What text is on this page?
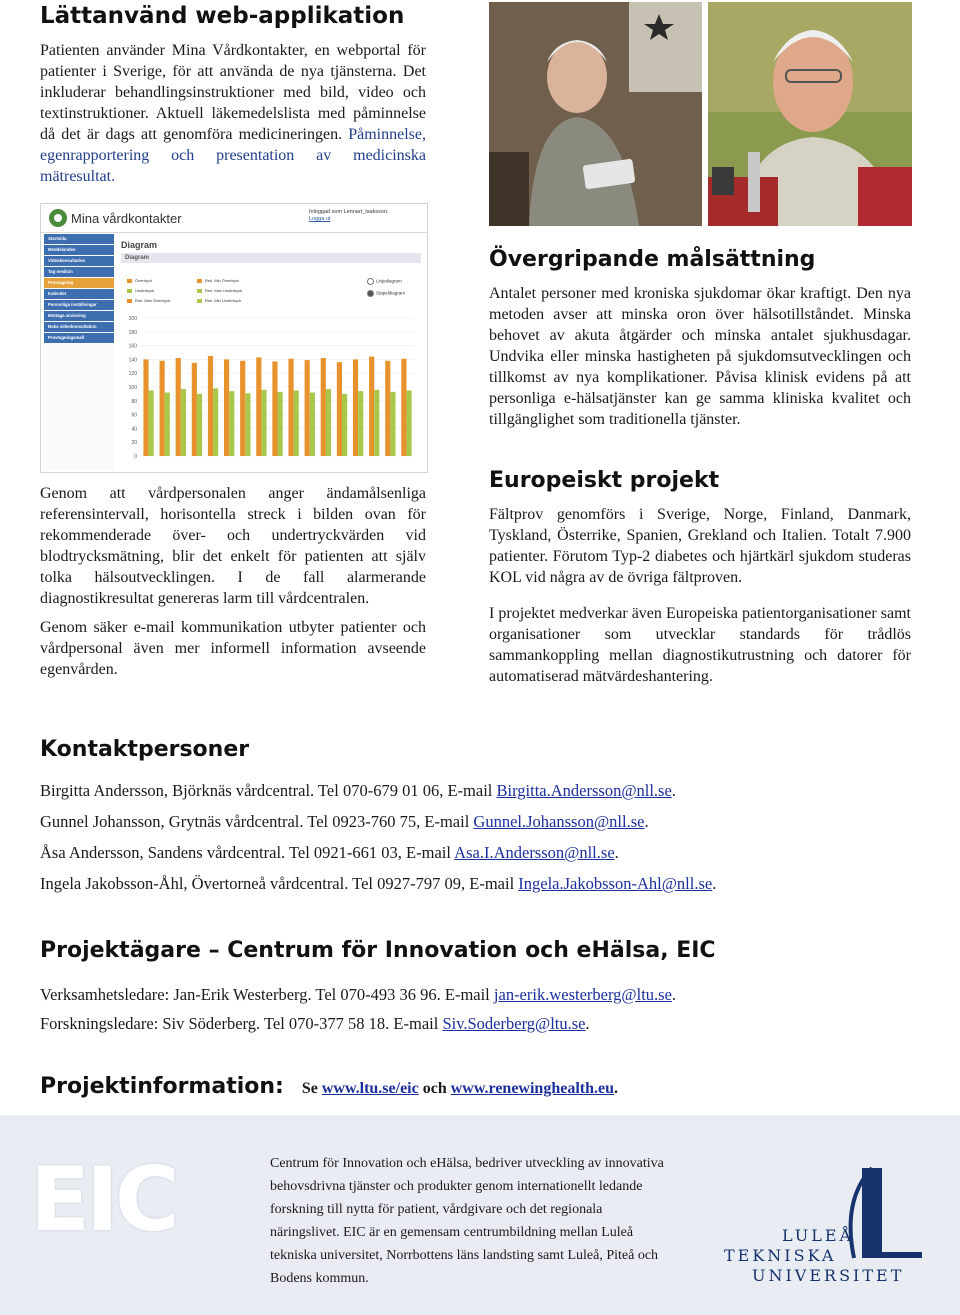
Lättanvänd web-applikation

Patienten använder Mina Vårdkontakter, en webportal för patienter i Sverige, för att använda de nya tjänsterna. Det inkluderar behandlingsinstruktioner med bild, video och textinstruktioner. Aktuell läkemedelslista med påminnelse då det är dags att genomföra medicineringen. Påminnelse, egenrapportering och presentation av medicinska mätresultat.

Mina vårdkontakter	Inloggad som Lennart_Isaksson.
Logga ut
Startsida
Meddelanden
Videokonsultation
Tag medicin
Provtagning
Kalender
Personliga inställningar
Mottaga anvisning
Boka videokonsultation
Provtagningsmall
Diagram
Diagram
Övertryck
Undertryck
Rek. Max Övertryck
Rek. Min Övertryck
Rek. Max Undertryck
Rek. Min Undertryck
Linjediagram
Stapeldiagram
200
180
160
140
120
100
80
60
40
20
0
Genom att vårdpersonalen anger ändamålsenliga referensintervall, horisontella streck i bilden ovan för rekommenderade över- och undertryckvärden vid blodtrycksmätning, blir det enkelt för patienten att själv tolka hälsoutvecklingen. I de fall alarmerande diagnostikresultat genereras larm till vårdcentralen.
Genom säker e-mail kommunikation utbyter patienter och vårdpersonal även mer informell information avseende egenvården.
Övergripande målsättning
Antalet personer med kroniska sjukdomar ökar kraftigt. Den nya metoden avser att minska oron över hälsotillståndet. Minska behovet av akuta åtgärder och minska antalet sjukhusdagar. Undvika eller minska hastigheten på sjukdomsutvecklingen och tillkomst av nya komplikationer. Påvisa klinisk evidens på att personliga e-hälsatjänster kan ge samma kliniska kvalitet och tillgänglighet som traditionella tjänster.
Europeiskt projekt
Fältprov genomförs i Sverige, Norge, Finland, Danmark, Tyskland, Österrike, Spanien, Grekland och Italien. Totalt 7.900 patienter. Förutom Typ-2 diabetes och hjärtkärl sjukdom studeras KOL vid några av de övriga fältproven.
I projektet medverkar även Europeiska patientorganisationer samt organisationer som utvecklar standards för trådlös sammankoppling mellan diagnostikutrustning och datorer för automatiserad mätvärdeshantering.
Kontaktpersoner
Birgitta Andersson, Björknäs vårdcentral. Tel 070-679 01 06, E-mail Birgitta.Andersson@nll.se.
Gunnel Johansson, Grytnäs vårdcentral. Tel 0923-760 75, E-mail Gunnel.Johansson@nll.se.
Åsa Andersson, Sandens vårdcentral. Tel 0921-661 03, E-mail Asa.I.Andersson@nll.se.
Ingela Jakobsson-Åhl, Övertorneå vårdcentral. Tel 0927-797 09, E-mail Ingela.Jakobsson-Ahl@nll.se.
Projektägare – Centrum för Innovation och eHälsa, EIC
Verksamhetsledare: Jan-Erik Westerberg. Tel 070-493 36 96. E-mail jan-erik.westerberg@ltu.se.
Forskningsledare: Siv Söderberg. Tel 070-377 58 18. E-mail Siv.Soderberg@ltu.se.
Projektinformation: Se www.ltu.se/eic och www.renewinghealth.eu.
EIC	Centrum för Innovation och eHälsa, bedriver utveckling av innovativa behovsdrivna tjänster och produkter genom internationellt ledande forskning till nytta för patient, vårdgivare och det regionala näringslivet. EIC är en gemensam centrumbildning mellan Luleå tekniska universitet, Norrbottens läns landsting samt Luleå, Piteå och Bodens kommun.
LULEÅ
TEKNISKA
UNIVERSITET
